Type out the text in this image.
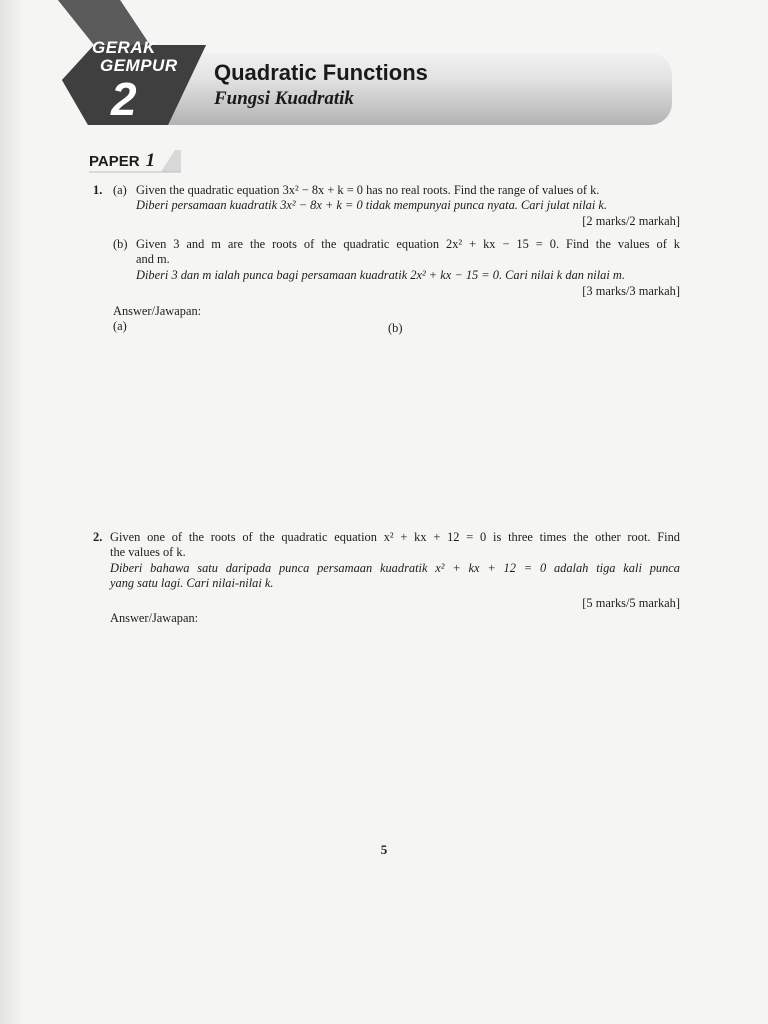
GERAK
GEMPUR
2
Quadratic Functions
Fungsi Kuadratik
PAPER 1
1. (a) Given the quadratic equation 3x² − 8x + k = 0 has no real roots. Find the range of values of k.
Diberi persamaan kuadratik 3x² − 8x + k = 0 tidak mempunyai punca nyata. Cari julat nilai k.
[2 marks/2 markah]
(b) Given 3 and m are the roots of the quadratic equation 2x² + kx − 15 = 0. Find the values of k
and m.
Diberi 3 dan m ialah punca bagi persamaan kuadratik 2x² + kx − 15 = 0. Cari nilai k dan nilai m.
[3 marks/3 markah]
Answer/Jawapan:
(a)	(b)
2. Given one of the roots of the quadratic equation x² + kx + 12 = 0 is three times the other root. Find
the values of k.
Diberi bahawa satu daripada punca persamaan kuadratik x² + kx + 12 = 0 adalah tiga kali punca
yang satu lagi. Cari nilai-nilai k.
[5 marks/5 markah]
Answer/Jawapan:
5
